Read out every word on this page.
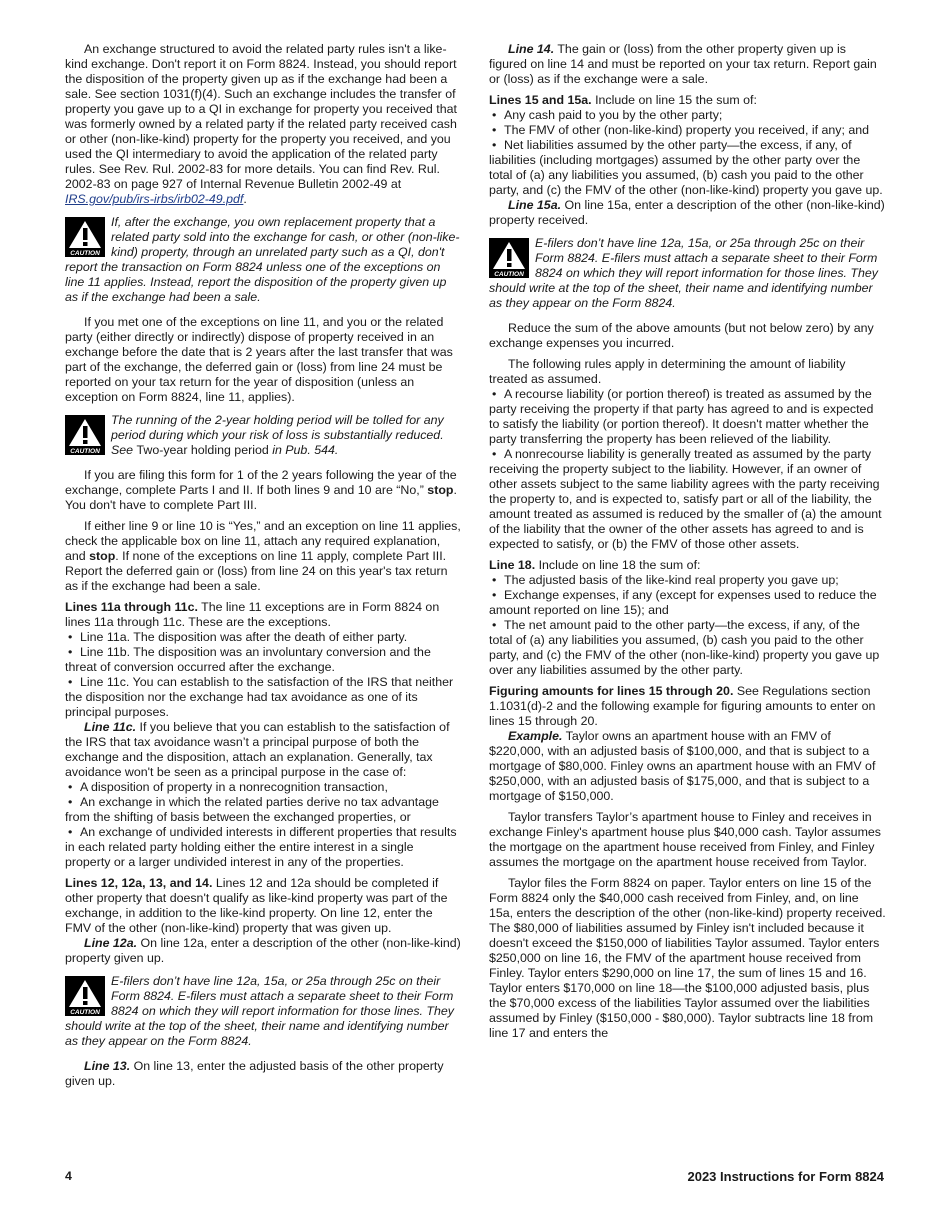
An exchange structured to avoid the related party rules isn't a like-kind exchange. Don't report it on Form 8824. Instead, you should report the disposition of the property given up as if the exchange had been a sale. See section 1031(f)(4). Such an exchange includes the transfer of property you gave up to a QI in exchange for property you received that was formerly owned by a related party if the related party received cash or other (non-like-kind) property for the property you received, and you used the QI intermediary to avoid the application of the related party rules. See Rev. Rul. 2002-83 for more details. You can find Rev. Rul. 2002-83 on page 927 of Internal Revenue Bulletin 2002-49 at IRS.gov/pub/irs-irbs/irb02-49.pdf.

CAUTION
If, after the exchange, you own replacement property that a related party sold into the exchange for cash, or other (non-like-kind) property, through an unrelated party such as a QI, don't report the transaction on Form 8824 unless one of the exceptions on line 11 applies. Instead, report the disposition of the property given up as if the exchange had been a sale.

If you met one of the exceptions on line 11, and you or the related party (either directly or indirectly) dispose of property received in an exchange before the date that is 2 years after the last transfer that was part of the exchange, the deferred gain or (loss) from line 24 must be reported on your tax return for the year of disposition (unless an exception on Form 8824, line 11, applies).

CAUTION
The running of the 2-year holding period will be tolled for any period during which your risk of loss is substantially reduced. See Two-year holding period in Pub. 544.

If you are filing this form for 1 of the 2 years following the year of the exchange, complete Parts I and II. If both lines 9 and 10 are “No,” stop. You don't have to complete Part III.

If either line 9 or line 10 is “Yes,” and an exception on line 11 applies, check the applicable box on line 11, attach any required explanation, and stop. If none of the exceptions on line 11 apply, complete Part III. Report the deferred gain or (loss) from line 24 on this year's tax return as if the exchange had been a sale.

Lines 11a through 11c. The line 11 exceptions are in Form 8824 on lines 11a through 11c. These are the exceptions.

• Line 11a. The disposition was after the death of either party.

• Line 11b. The disposition was an involuntary conversion and the threat of conversion occurred after the exchange.

• Line 11c. You can establish to the satisfaction of the IRS that neither the disposition nor the exchange had tax avoidance as one of its principal purposes.

Line 11c. If you believe that you can establish to the satisfaction of the IRS that tax avoidance wasn’t a principal purpose of both the exchange and the disposition, attach an explanation. Generally, tax avoidance won't be seen as a principal purpose in the case of:

• A disposition of property in a nonrecognition transaction,

• An exchange in which the related parties derive no tax advantage from the shifting of basis between the exchanged properties, or

• An exchange of undivided interests in different properties that results in each related party holding either the entire interest in a single property or a larger undivided interest in any of the properties.

Lines 12, 12a, 13, and 14. Lines 12 and 12a should be completed if other property that doesn't qualify as like-kind property was part of the exchange, in addition to the like-kind property. On line 12, enter the FMV of the other (non-like-kind) property that was given up.

Line 12a. On line 12a, enter a description of the other (non-like-kind) property given up.

CAUTION
E-filers don’t have line 12a, 15a, or 25a through 25c on their Form 8824. E-filers must attach a separate sheet to their Form 8824 on which they will report information for those lines. They should write at the top of the sheet, their name and identifying number as they appear on the Form 8824.

Line 13. On line 13, enter the adjusted basis of the other property given up.

Line 14. The gain or (loss) from the other property given up is figured on line 14 and must be reported on your tax return. Report gain or (loss) as if the exchange were a sale.

Lines 15 and 15a. Include on line 15 the sum of:

• Any cash paid to you by the other party;

• The FMV of other (non-like-kind) property you received, if any; and

• Net liabilities assumed by the other party—the excess, if any, of liabilities (including mortgages) assumed by the other party over the total of (a) any liabilities you assumed, (b) cash you paid to the other party, and (c) the FMV of the other (non-like-kind) property you gave up.

Line 15a. On line 15a, enter a description of the other (non-like-kind) property received.

CAUTION
E-filers don’t have line 12a, 15a, or 25a through 25c on their Form 8824. E-filers must attach a separate sheet to their Form 8824 on which they will report information for those lines. They should write at the top of the sheet, their name and identifying number as they appear on the Form 8824.

Reduce the sum of the above amounts (but not below zero) by any exchange expenses you incurred.

The following rules apply in determining the amount of liability treated as assumed.

• A recourse liability (or portion thereof) is treated as assumed by the party receiving the property if that party has agreed to and is expected to satisfy the liability (or portion thereof). It doesn't matter whether the party transferring the property has been relieved of the liability.

• A nonrecourse liability is generally treated as assumed by the party receiving the property subject to the liability. However, if an owner of other assets subject to the same liability agrees with the party receiving the property to, and is expected to, satisfy part or all of the liability, the amount treated as assumed is reduced by the smaller of (a) the amount of the liability that the owner of the other assets has agreed to and is expected to satisfy, or (b) the FMV of those other assets.

Line 18. Include on line 18 the sum of:

• The adjusted basis of the like-kind real property you gave up;

• Exchange expenses, if any (except for expenses used to reduce the amount reported on line 15); and

• The net amount paid to the other party—the excess, if any, of the total of (a) any liabilities you assumed, (b) cash you paid to the other party, and (c) the FMV of the other (non-like-kind) property you gave up over any liabilities assumed by the other party.

Figuring amounts for lines 15 through 20. See Regulations section 1.1031(d)-2 and the following example for figuring amounts to enter on lines 15 through 20.

Example. Taylor owns an apartment house with an FMV of $220,000, with an adjusted basis of $100,000, and that is subject to a mortgage of $80,000. Finley owns an apartment house with an FMV of $250,000, with an adjusted basis of $175,000, and that is subject to a mortgage of $150,000.

Taylor transfers Taylor’s apartment house to Finley and receives in exchange Finley's apartment house plus $40,000 cash. Taylor assumes the mortgage on the apartment house received from Finley, and Finley assumes the mortgage on the apartment house received from Taylor.

Taylor files the Form 8824 on paper. Taylor enters on line 15 of the Form 8824 only the $40,000 cash received from Finley, and, on line 15a, enters the description of the other (non-like-kind) property received. The $80,000 of liabilities assumed by Finley isn't included because it doesn't exceed the $150,000 of liabilities Taylor assumed. Taylor enters $250,000 on line 16, the FMV of the apartment house received from Finley. Taylor enters $290,000 on line 17, the sum of lines 15 and 16. Taylor enters $170,000 on line 18—the $100,000 adjusted basis, plus the $70,000 excess of the liabilities Taylor assumed over the liabilities assumed by Finley ($150,000 - $80,000). Taylor subtracts line 18 from line 17 and enters the

4	2023 Instructions for Form 8824
